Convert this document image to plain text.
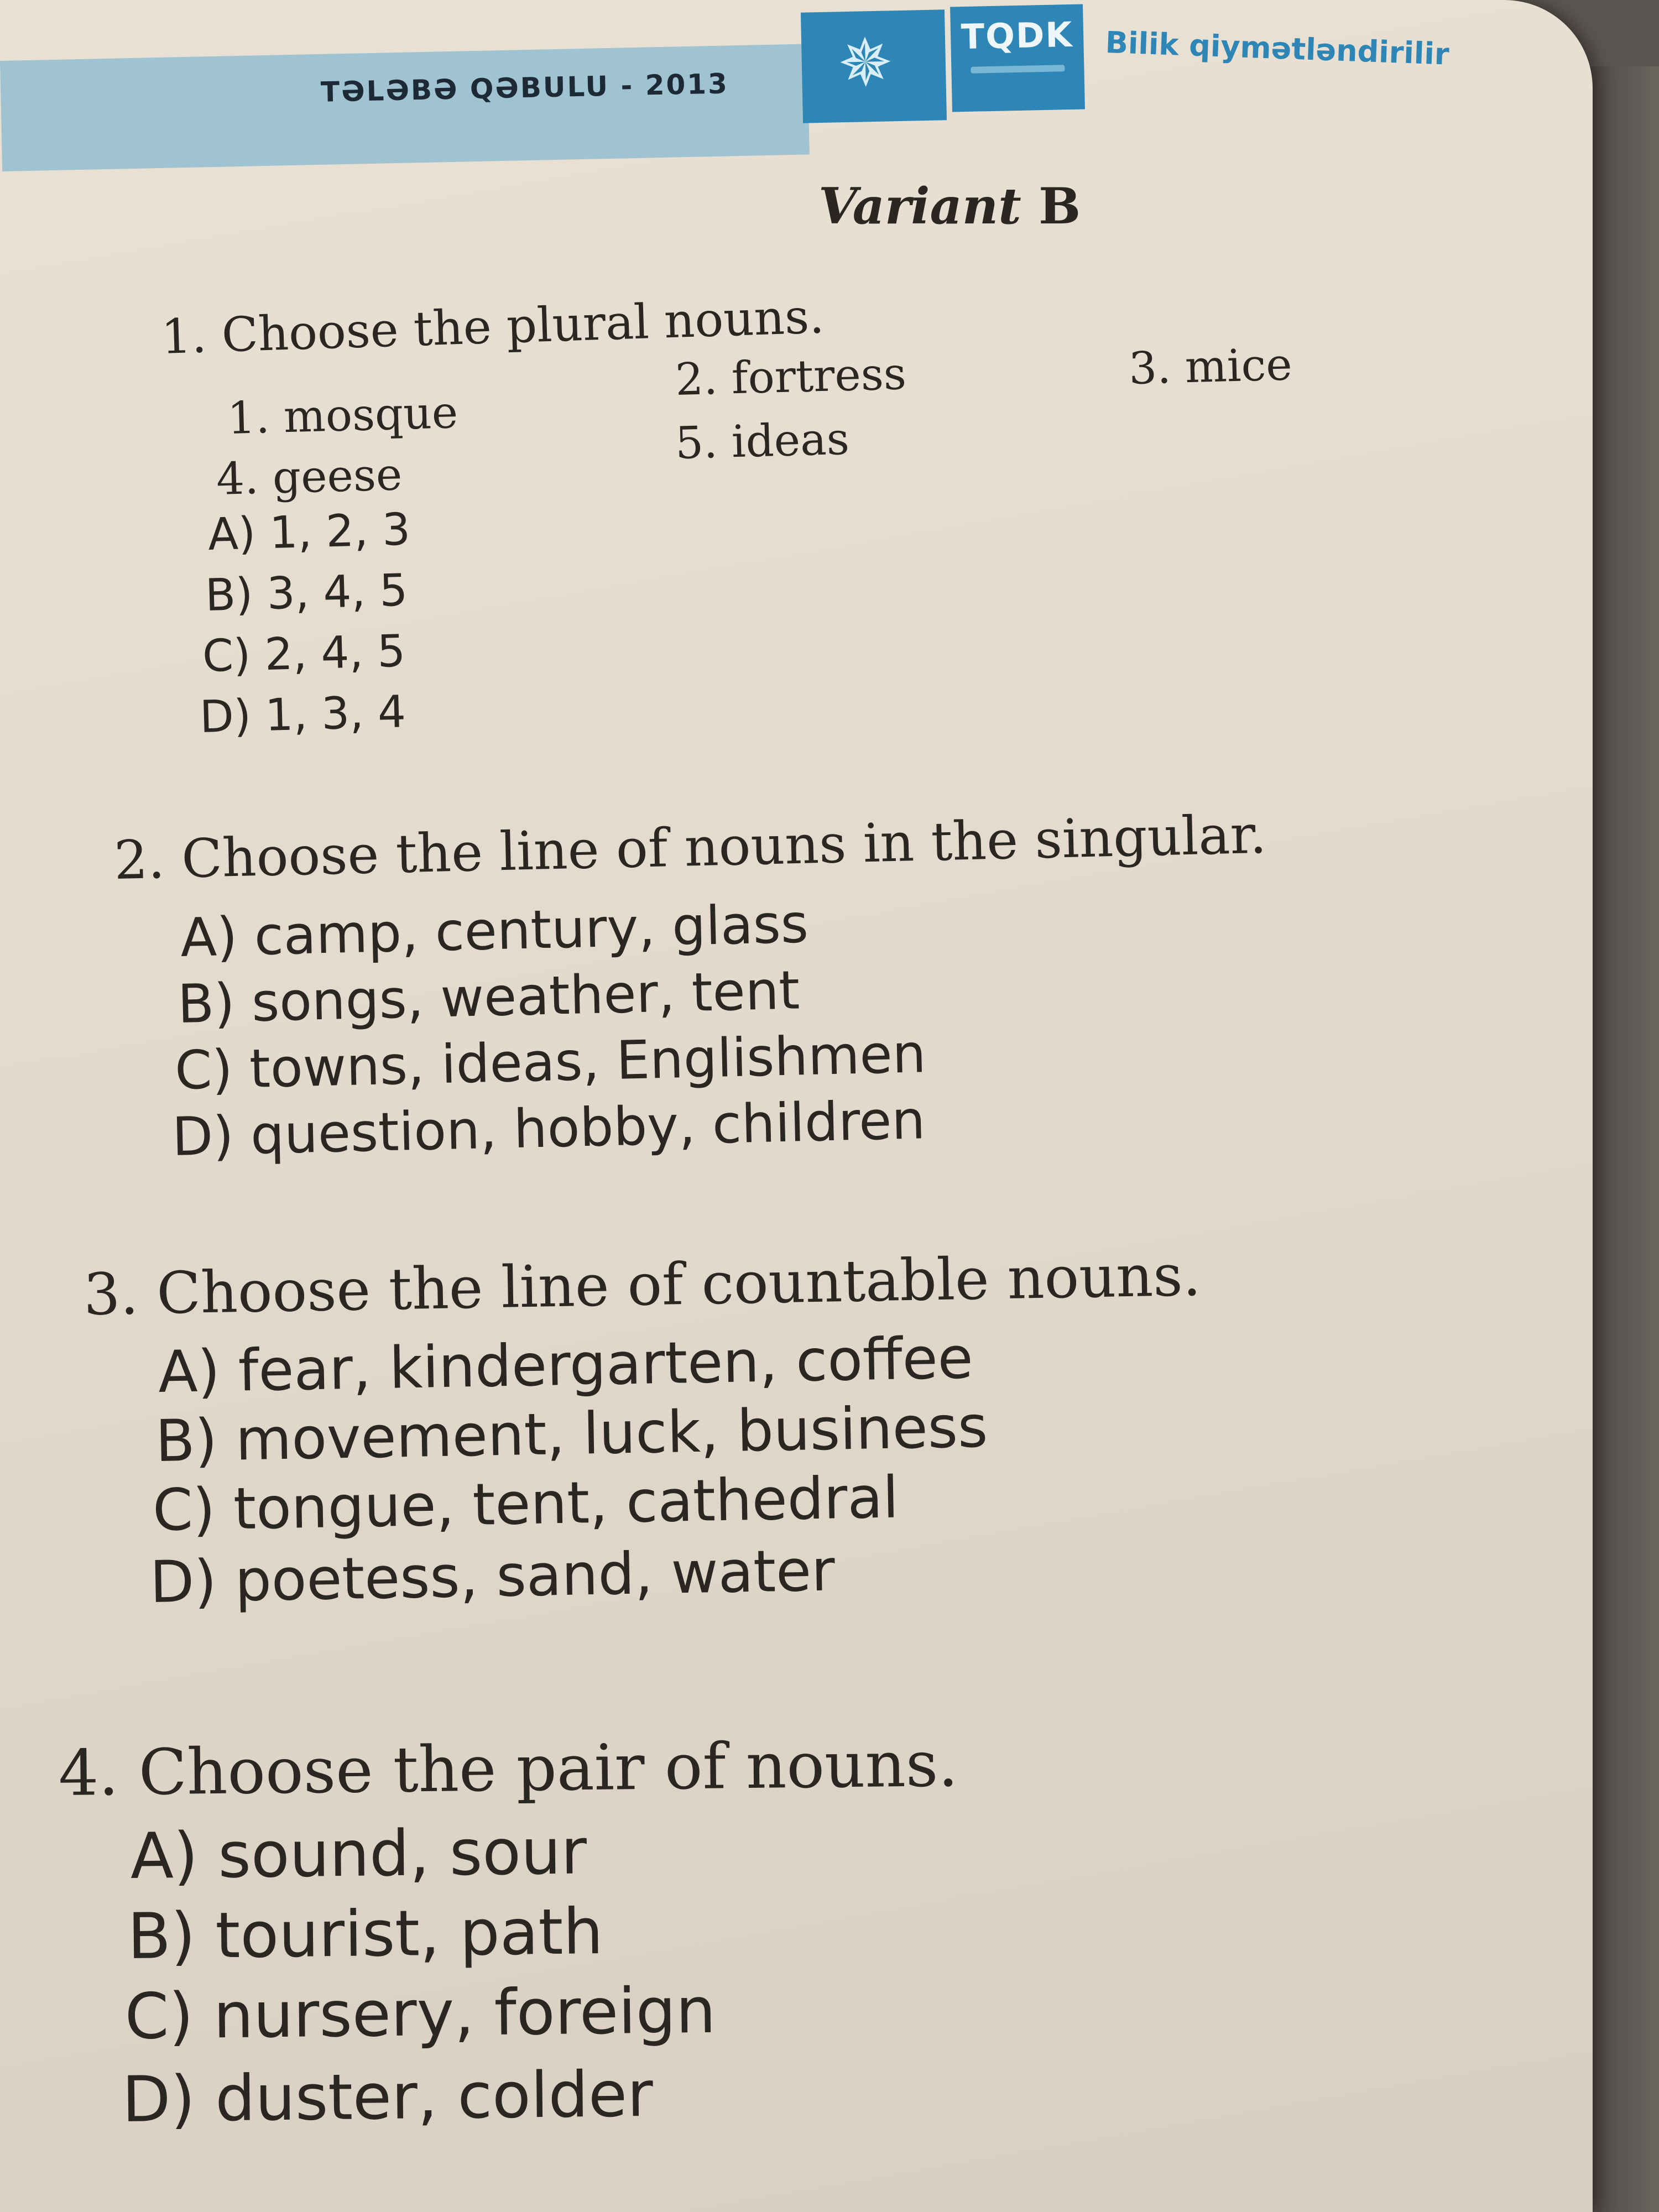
TƏLƏBƏ QƏBULU - 2013 ✵	TQDK	Bilik qiymətləndirilir
Variant B
1. Choose the plural nouns.
1. mosque
2. fortress	3. mice
4. geese
5. ideas
A) 1, 2, 3
B) 3, 4, 5
C) 2, 4, 5
D) 1, 3, 4
2. Choose the line of nouns in the singular.
A) camp, century, glass
B) songs, weather, tent
C) towns, ideas, Englishmen
D) question, hobby, children
3. Choose the line of countable nouns.
A) fear, kindergarten, coffee
B) movement, luck, business
C) tongue, tent, cathedral
D) poetess, sand, water
4. Choose the pair of nouns.
A) sound, sour
B) tourist, path
C) nursery, foreign
D) duster, colder
